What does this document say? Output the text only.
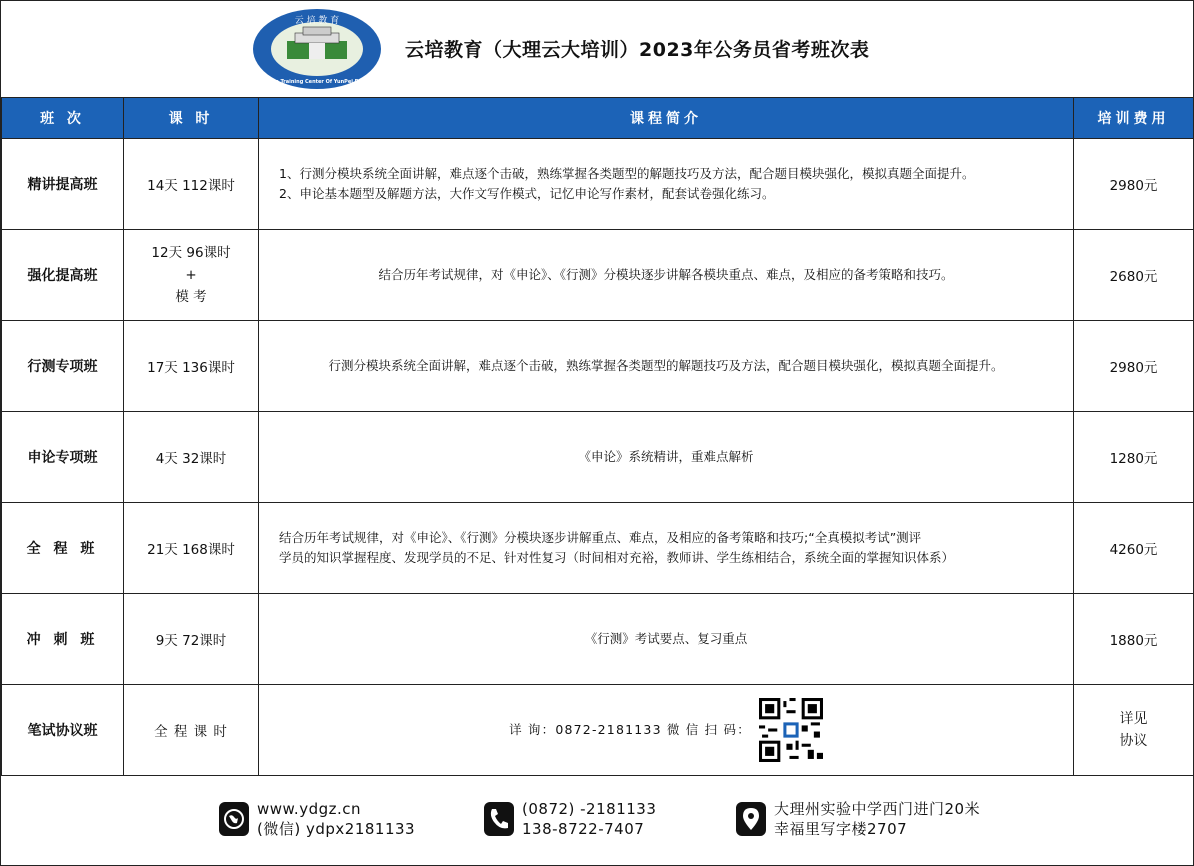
云 培 教 育
The Training Center Of YunPei Dali
云培教育（大理云大培训）2023年公务员省考班次表
班 次	课 时	课程简介	培训费用
精讲提高班	14天 112课时	1、行测分模块系统全面讲解，难点逐个击破，熟练掌握各类题型的解题技巧及方法，配合题目模块强化，模拟真题全面提升。
2、申论基本题型及解题方法，大作文写作模式，记忆申论写作素材，配套试卷强化练习。	2980元
强化提高班	12天 96课时
+
模 考	结合历年考试规律，对《申论》、《行测》分模块逐步讲解各模块重点、难点，及相应的备考策略和技巧。	2680元
行测专项班	17天 136课时	行测分模块系统全面讲解，难点逐个击破，熟练掌握各类题型的解题技巧及方法，配合题目模块强化，模拟真题全面提升。	2980元
申论专项班	4天 32课时	《申论》系统精讲，重难点解析	1280元
全 程 班	21天 168课时	结合历年考试规律，对《申论》、《行测》分模块逐步讲解重点、难点，及相应的备考策略和技巧;“全真模拟考试”测评
学员的知识掌握程度、发现学员的不足、针对性复习（时间相对充裕，教师讲、学生练相结合，系统全面的掌握知识体系）	4260元
冲 刺 班	9天 72课时	《行测》考试要点、复习重点	1880元
笔试协议班	全 程 课 时	详 询：0872-2181133 微 信 扫 码：	详见
协议
www.ydgz.cn
(微信) ydpx2181133
(0872) -2181133
138-8722-7407
大理州实验中学西门进门20米
幸福里写字楼2707
